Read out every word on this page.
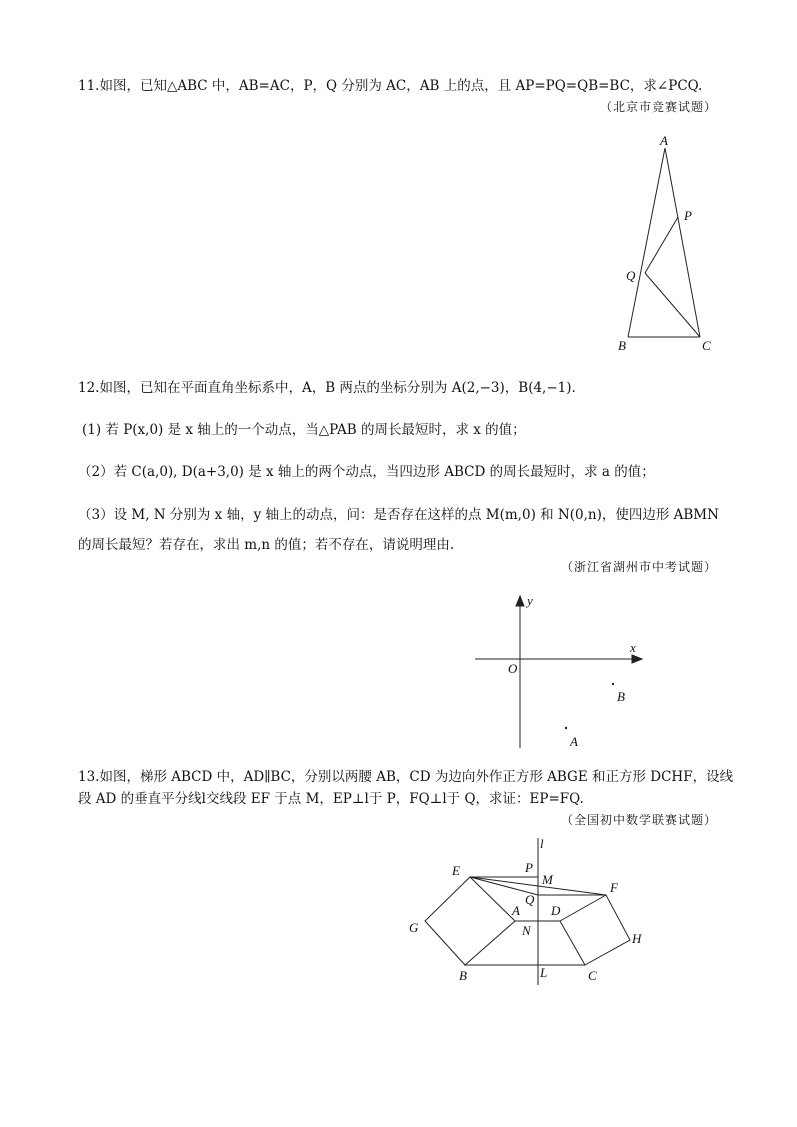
11.如图，已知△ABC 中，AB=AC，P，Q 分别为 AC，AB 上的点，且 AP=PQ=QB=BC，求∠PCQ.
（北京市竞赛试题）
A
P
Q
B	C
12.如图，已知在平面直角坐标系中，A，B 两点的坐标分别为 A(2,−3)，B(4,−1).
(1) 若 P(x,0) 是 x 轴上的一个动点，当△PAB 的周长最短时，求 x 的值；
（2）若 C(a,0), D(a+3,0) 是 x 轴上的两个动点，当四边形 ABCD 的周长最短时，求 a 的值；
（3）设 M, N 分别为 x 轴，y 轴上的动点，问：是否存在这样的点 M(m,0) 和 N(0,n)，使四边形 ABMN
的周长最短？若存在，求出 m,n 的值；若不存在，请说明理由.
（浙江省湖州市中考试题）
y
x
O
B
A
13.如图，梯形 ABCD 中，AD∥BC，分别以两腰 AB，CD 为边向外作正方形 ABGE 和正方形 DCHF，设线
段 AD 的垂直平分线l交线段 EF 于点 M，EP⊥l于 P，FQ⊥l于 Q，求证：EP=FQ.
（全国初中数学联赛试题）
l
E	P
M
F
Q
A D
G	N
H
B	L	C
